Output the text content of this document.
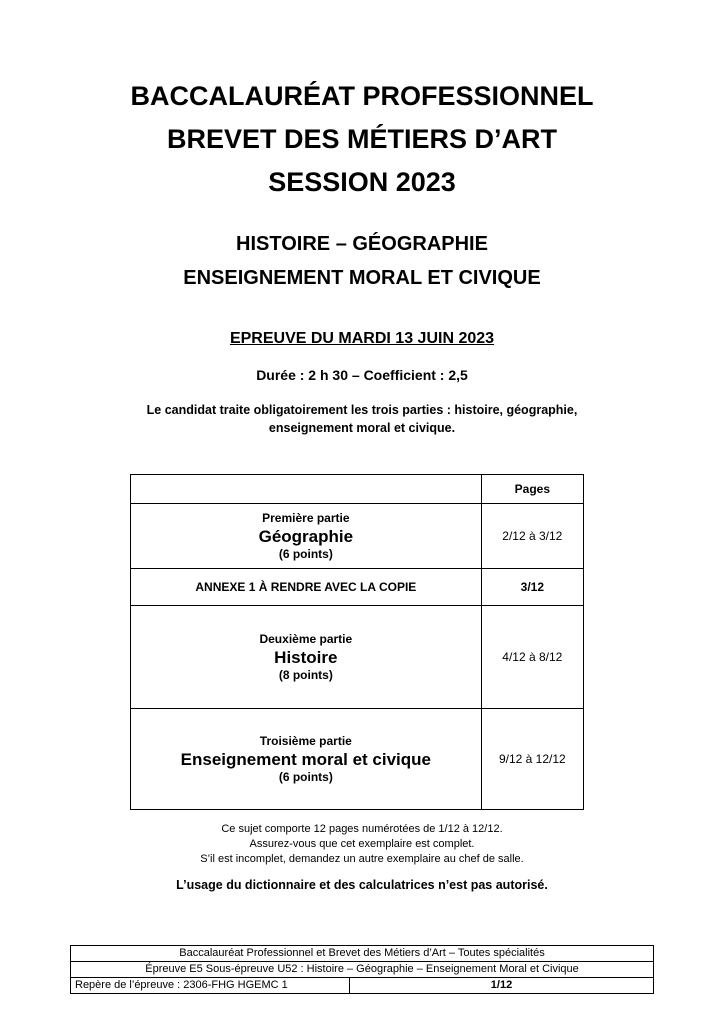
BACCALAURÉAT PROFESSIONNEL
BREVET DES MÉTIERS D’ART
SESSION 2023
HISTOIRE – GÉOGRAPHIE
ENSEIGNEMENT MORAL ET CIVIQUE
EPREUVE DU MARDI 13 JUIN 2023
Durée : 2 h 30 – Coefficient : 2,5
Le candidat traite obligatoirement les trois parties : histoire, géographie,
enseignement moral et civique.
	Pages

Première partie
Géographie
(6 points)	2/12 à 3/12
ANNEXE 1 À RENDRE AVEC LA COPIE	3/12

Deuxième partie
Histoire
(8 points)	4/12 à 8/12

Troisième partie
Enseignement moral et civique
(6 points)	9/12 à 12/12
Ce sujet comporte 12 pages numérotées de 1/12 à 12/12.
Assurez-vous que cet exemplaire est complet.
S’il est incomplet, demandez un autre exemplaire au chef de salle.
L’usage du dictionnaire et des calculatrices n’est pas autorisé.
Baccalauréat Professionnel et Brevet des Métiers d’Art – Toutes spécialités
Épreuve E5 Sous-épreuve U52 : Histoire – Géographie – Enseignement Moral et Civique
Repère de l’épreuve : 2306-FHG HGEMC 1	1/12
